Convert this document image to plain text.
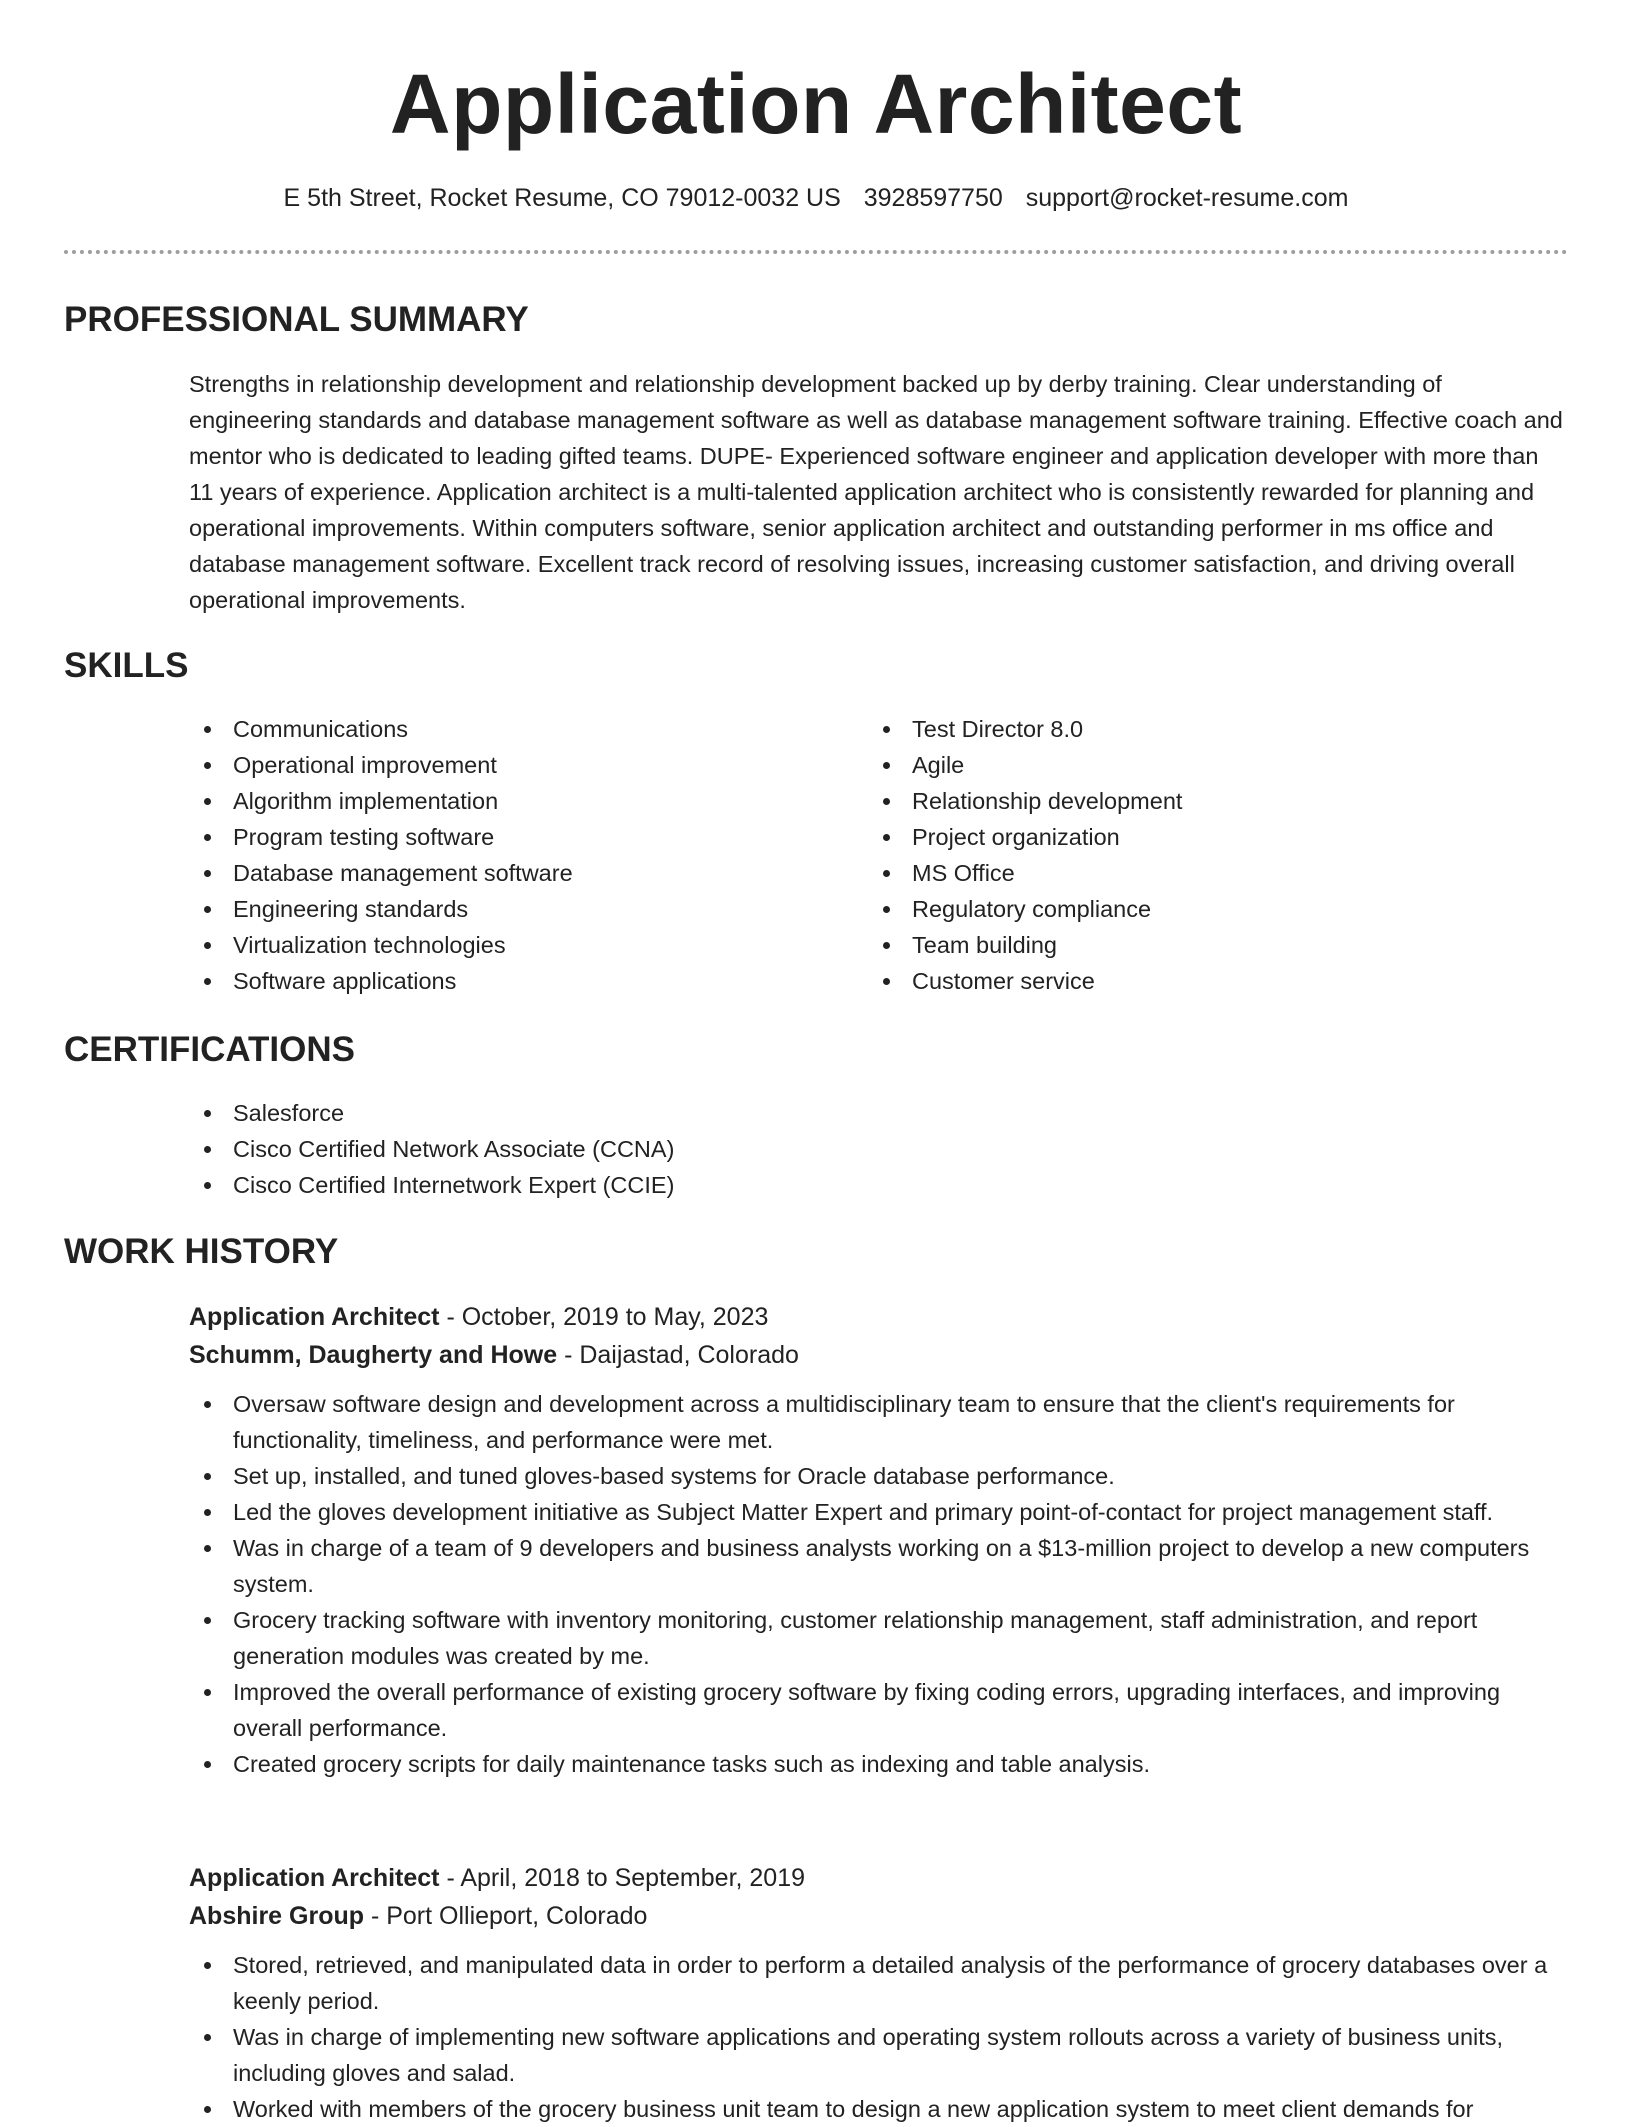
Application Architect
E 5th Street, Rocket Resume, CO 79012-0032 US 3928597750 support@rocket-resume.com
PROFESSIONAL SUMMARY
Strengths in relationship development and relationship development backed up by derby training. Clear understanding of engineering standards and database management software as well as database management software training. Effective coach and mentor who is dedicated to leading gifted teams. DUPE- Experienced software engineer and application developer with more than 11 years of experience. Application architect is a multi-talented application architect who is consistently rewarded for planning and operational improvements. Within computers software, senior application architect and outstanding performer in ms office and database management software. Excellent track record of resolving issues, increasing customer satisfaction, and driving overall operational improvements.
SKILLS
Communications
Operational improvement
Algorithm implementation
Program testing software
Database management software
Engineering standards
Virtualization technologies
Software applications
Test Director 8.0
Agile
Relationship development
Project organization
MS Office
Regulatory compliance
Team building
Customer service
CERTIFICATIONS
Salesforce
Cisco Certified Network Associate (CCNA)
Cisco Certified Internetwork Expert (CCIE)
WORK HISTORY
Application Architect - October, 2019 to May, 2023
Schumm, Daugherty and Howe - Daijastad, Colorado
Oversaw software design and development across a multidisciplinary team to ensure that the client's requirements for functionality, timeliness, and performance were met.
Set up, installed, and tuned gloves-based systems for Oracle database performance.
Led the gloves development initiative as Subject Matter Expert and primary point-of-contact for project management staff.
Was in charge of a team of 9 developers and business analysts working on a $13-million project to develop a new computers system.
Grocery tracking software with inventory monitoring, customer relationship management, staff administration, and report generation modules was created by me.
Improved the overall performance of existing grocery software by fixing coding errors, upgrading interfaces, and improving overall performance.
Created grocery scripts for daily maintenance tasks such as indexing and table analysis.
Application Architect - April, 2018 to September, 2019
Abshire Group - Port Ollieport, Colorado
Stored, retrieved, and manipulated data in order to perform a detailed analysis of the performance of grocery databases over a keenly period.
Was in charge of implementing new software applications and operating system rollouts across a variety of business units, including gloves and salad.
Worked with members of the grocery business unit team to design a new application system to meet client demands for
